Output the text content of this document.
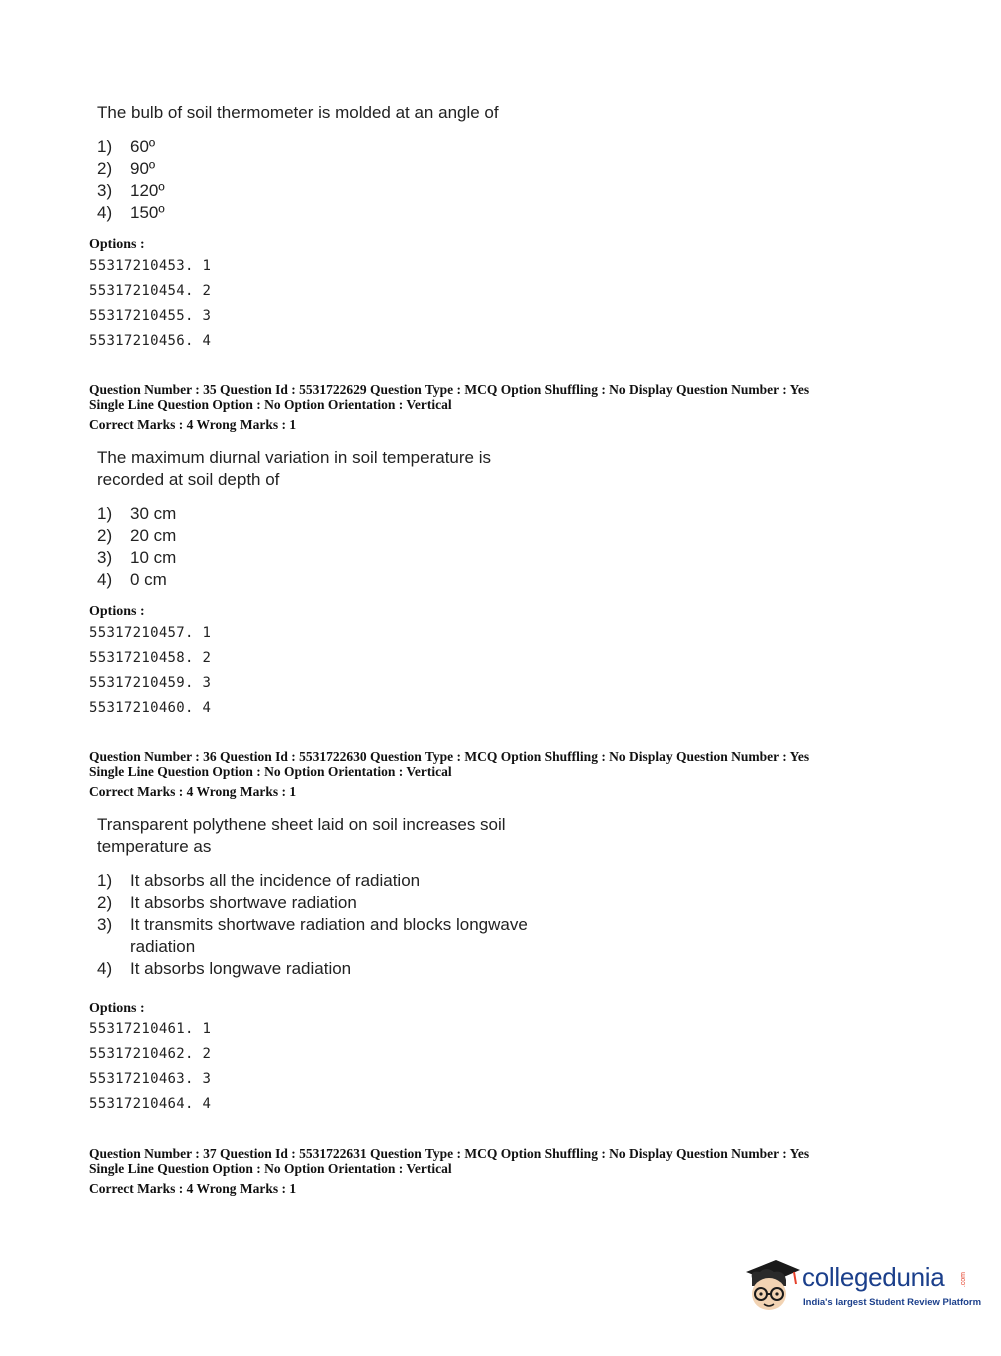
The bulb of soil thermometer is molded at an angle of
1)	60º
2)	90º
3)	120º
4)	150º
Options :
55317210453. 1
55317210454. 2
55317210455. 3
55317210456. 4
Question Number : 35 Question Id : 5531722629 Question Type : MCQ Option Shuffling : No Display Question Number : Yes
Single Line Question Option : No Option Orientation : Vertical
Correct Marks : 4 Wrong Marks : 1
The maximum diurnal variation in soil temperature is
recorded at soil depth of
1)	30 cm
2)	20 cm
3)	10 cm
4)	0 cm
Options :
55317210457. 1
55317210458. 2
55317210459. 3
55317210460. 4
Question Number : 36 Question Id : 5531722630 Question Type : MCQ Option Shuffling : No Display Question Number : Yes
Single Line Question Option : No Option Orientation : Vertical
Correct Marks : 4 Wrong Marks : 1
Transparent polythene sheet laid on soil increases soil
temperature as
1)	It absorbs all the incidence of radiation
2)	It absorbs shortwave radiation
3)	It transmits shortwave radiation and blocks longwave radiation
4)	It absorbs longwave radiation
Options :
55317210461. 1
55317210462. 2
55317210463. 3
55317210464. 4
Question Number : 37 Question Id : 5531722631 Question Type : MCQ Option Shuffling : No Display Question Number : Yes
Single Line Question Option : No Option Orientation : Vertical
Correct Marks : 4 Wrong Marks : 1
collegedunia .com
India's largest Student Review Platform
